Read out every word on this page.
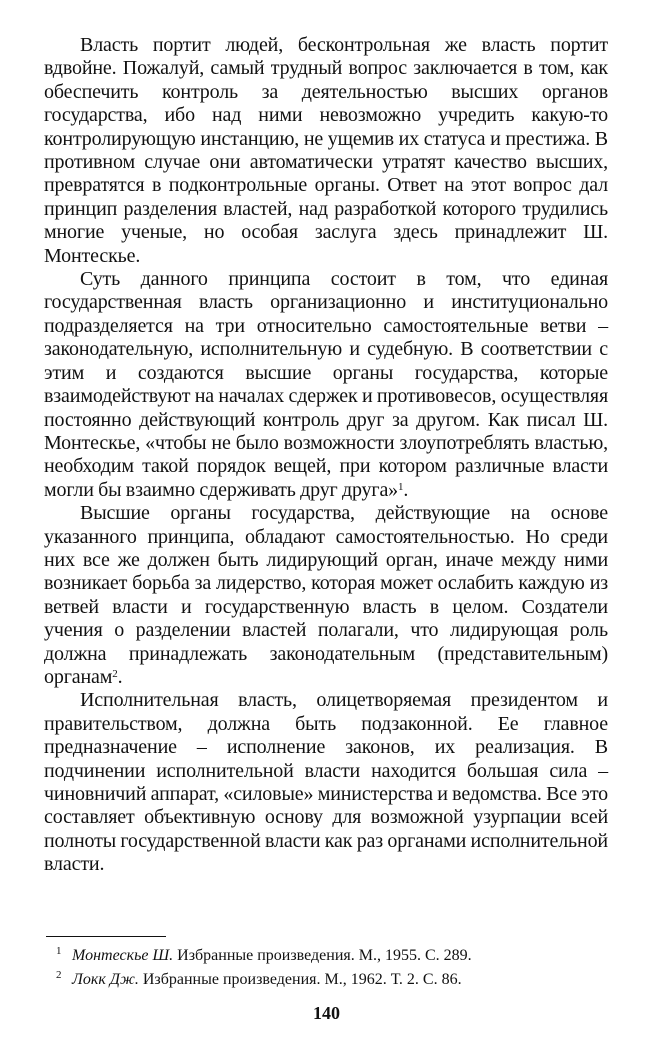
Власть портит людей, бесконтрольная же власть портит вдвойне. Пожалуй, самый трудный вопрос заключается в том, как обеспечить контроль за деятельностью высших органов государства, ибо над ними невозможно учредить какую-то контролирующую инстанцию, не ущемив их статуса и престижа. В противном случае они автоматически утратят качество высших, превратятся в подконтрольные органы. Ответ на этот вопрос дал принцип разделения властей, над разработкой которого трудились многие ученые, но особая заслуга здесь принадлежит Ш. Монтескье.

Суть данного принципа состоит в том, что единая государственная власть организационно и институционально подразделяется на три относительно самостоятельные ветви – законодательную, исполнительную и судебную. В соответствии с этим и создаются высшие органы государства, которые взаимодействуют на началах сдержек и противовесов, осуществляя постоянно действующий контроль друг за другом. Как писал Ш. Монтескье, «чтобы не было возможности злоупотреблять властью, необходим такой порядок вещей, при котором различные власти могли бы взаимно сдерживать друг друга»$^1$.

Высшие органы государства, действующие на основе указанного принципа, обладают самостоятельностью. Но среди них все же должен быть лидирующий орган, иначе между ними возникает борьба за лидерство, которая может ослабить каждую из ветвей власти и государственную власть в целом. Создатели учения о разделении властей полагали, что лидирующая роль должна принадлежать законодательным (представительным) органам$^2$.

Исполнительная власть, олицетворяемая президентом и правительством, должна быть подзаконной. Ее главное предназначение – исполнение законов, их реализация. В подчинении исполнительной власти находится большая сила – чиновничий аппарат, «силовые» министерства и ведомства. Все это составляет объективную основу для возможной узурпации всей полноты государственной власти как раз органами исполнительной власти.

$^1$ Монтескье Ш. Избранные произведения. М., 1955. С. 289.
$^2$ Локк Дж. Избранные произведения. М., 1962. Т. 2. С. 86.
140
